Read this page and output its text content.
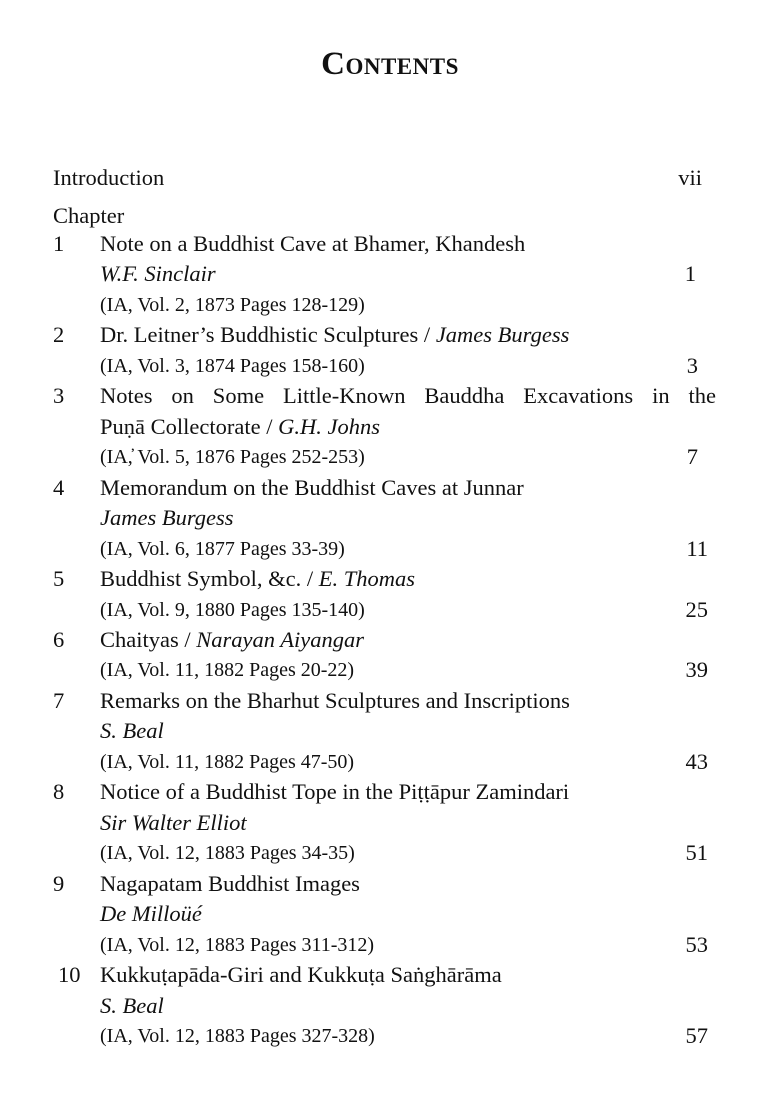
Contents
Introduction	vii
Chapter
1	Note on a Buddhist Cave at Bhamer, Khandesh
W.F. Sinclair	1
(IA, Vol. 2, 1873 Pages 128-129)
2	Dr. Leitner’s Buddhistic Sculptures / James Burgess
(IA, Vol. 3, 1874 Pages 158-160)	3
3	Notes on Some Little-Known Bauddha Excavations in the
Puṇā Collectorate / G.H. Johns
(IA,̓ Vol. 5, 1876 Pages 252-253)	7
4	Memorandum on the Buddhist Caves at Junnar
James Burgess
(IA, Vol. 6, 1877 Pages 33-39)	11
5	Buddhist Symbol, &c. / E. Thomas
(IA, Vol. 9, 1880 Pages 135-140)	25
6	Chaityas / Narayan Aiyangar
(IA, Vol. 11, 1882 Pages 20-22)	39
7	Remarks on the Bharhut Sculptures and Inscriptions
S. Beal
(IA, Vol. 11, 1882 Pages 47-50)	43
8	Notice of a Buddhist Tope in the Piṭṭāpur Zamindari
Sir Walter Elliot
(IA, Vol. 12, 1883 Pages 34-35)	51
9	Nagapatam Buddhist Images
De Milloüé
(IA, Vol. 12, 1883 Pages 311-312)	53
10 Kukkuṭapāda-Giri and Kukkuṭa Saṅghārāma
S. Beal
(IA, Vol. 12, 1883 Pages 327-328)	57
